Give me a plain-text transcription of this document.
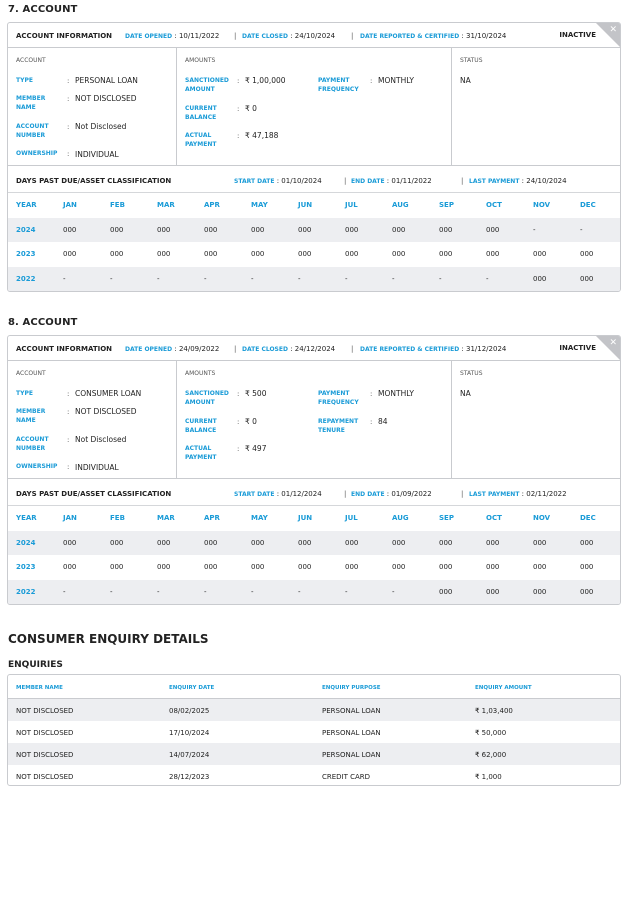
7. ACCOUNT
ACCOUNT INFORMATION DATE OPENED : 10/11/2022 | DATE CLOSED : 24/10/2024 | DATE REPORTED & CERTIFIED : 31/10/2024	INACTIVE ✕
ACCOUNT	AMOUNTS	STATUS
TYPE	: PERSONAL LOAN
MEMBER NAME
: NOT DISCLOSED
ACCOUNT NUMBER
: Not Disclosed
OWNERSHIP	: INDIVIDUAL
SANCTIONED AMOUNT
: ₹ 1,00,000
CURRENT BALANCE
: ₹ 0
ACTUAL PAYMENT
: ₹ 47,188
PAYMENT FREQUENCY
: MONTHLY	NA
DAYS PAST DUE/ASSET CLASSIFICATION	START DATE : 01/10/2024	| END DATE : 01/11/2022	| LAST PAYMENT : 24/10/2024
YEAR	JAN	FEB	MAR	APR	MAY	JUN	JUL	AUG	SEP	OCT	NOV	DEC
2024	000	000	000	000	000	000	000	000	000	000	-	-
2023	000	000	000	000	000	000	000	000	000	000	000	000
2022	-	-	-	-	-	-	-	-	-	-	000	000
8. ACCOUNT
ACCOUNT INFORMATION DATE OPENED : 24/09/2022 | DATE CLOSED : 24/12/2024 | DATE REPORTED & CERTIFIED : 31/12/2024	INACTIVE ✕
ACCOUNT	AMOUNTS	STATUS
TYPE	: CONSUMER LOAN
MEMBER NAME
: NOT DISCLOSED
ACCOUNT NUMBER
: Not Disclosed
OWNERSHIP	: INDIVIDUAL
SANCTIONED AMOUNT
: ₹ 500
CURRENT BALANCE
: ₹ 0
ACTUAL PAYMENT
: ₹ 497
PAYMENT FREQUENCY
: MONTHLY
REPAYMENT TENURE
: 84
NA
DAYS PAST DUE/ASSET CLASSIFICATION	START DATE : 01/12/2024	| END DATE : 01/09/2022	| LAST PAYMENT : 02/11/2022
YEAR	JAN	FEB	MAR	APR	MAY	JUN	JUL	AUG	SEP	OCT	NOV	DEC
2024	000	000	000	000	000	000	000	000	000	000	000	000
2023	000	000	000	000	000	000	000	000	000	000	000	000
2022	-	-	-	-	-	-	-	-	000	000	000	000
CONSUMER ENQUIRY DETAILS
ENQUIRIES
MEMBER NAME	ENQUIRY DATE	ENQUIRY PURPOSE	ENQUIRY AMOUNT
NOT DISCLOSED	08/02/2025	PERSONAL LOAN	₹ 1,03,400
NOT DISCLOSED	17/10/2024	PERSONAL LOAN	₹ 50,000
NOT DISCLOSED	14/07/2024	PERSONAL LOAN	₹ 62,000
NOT DISCLOSED	28/12/2023	CREDIT CARD	₹ 1,000
